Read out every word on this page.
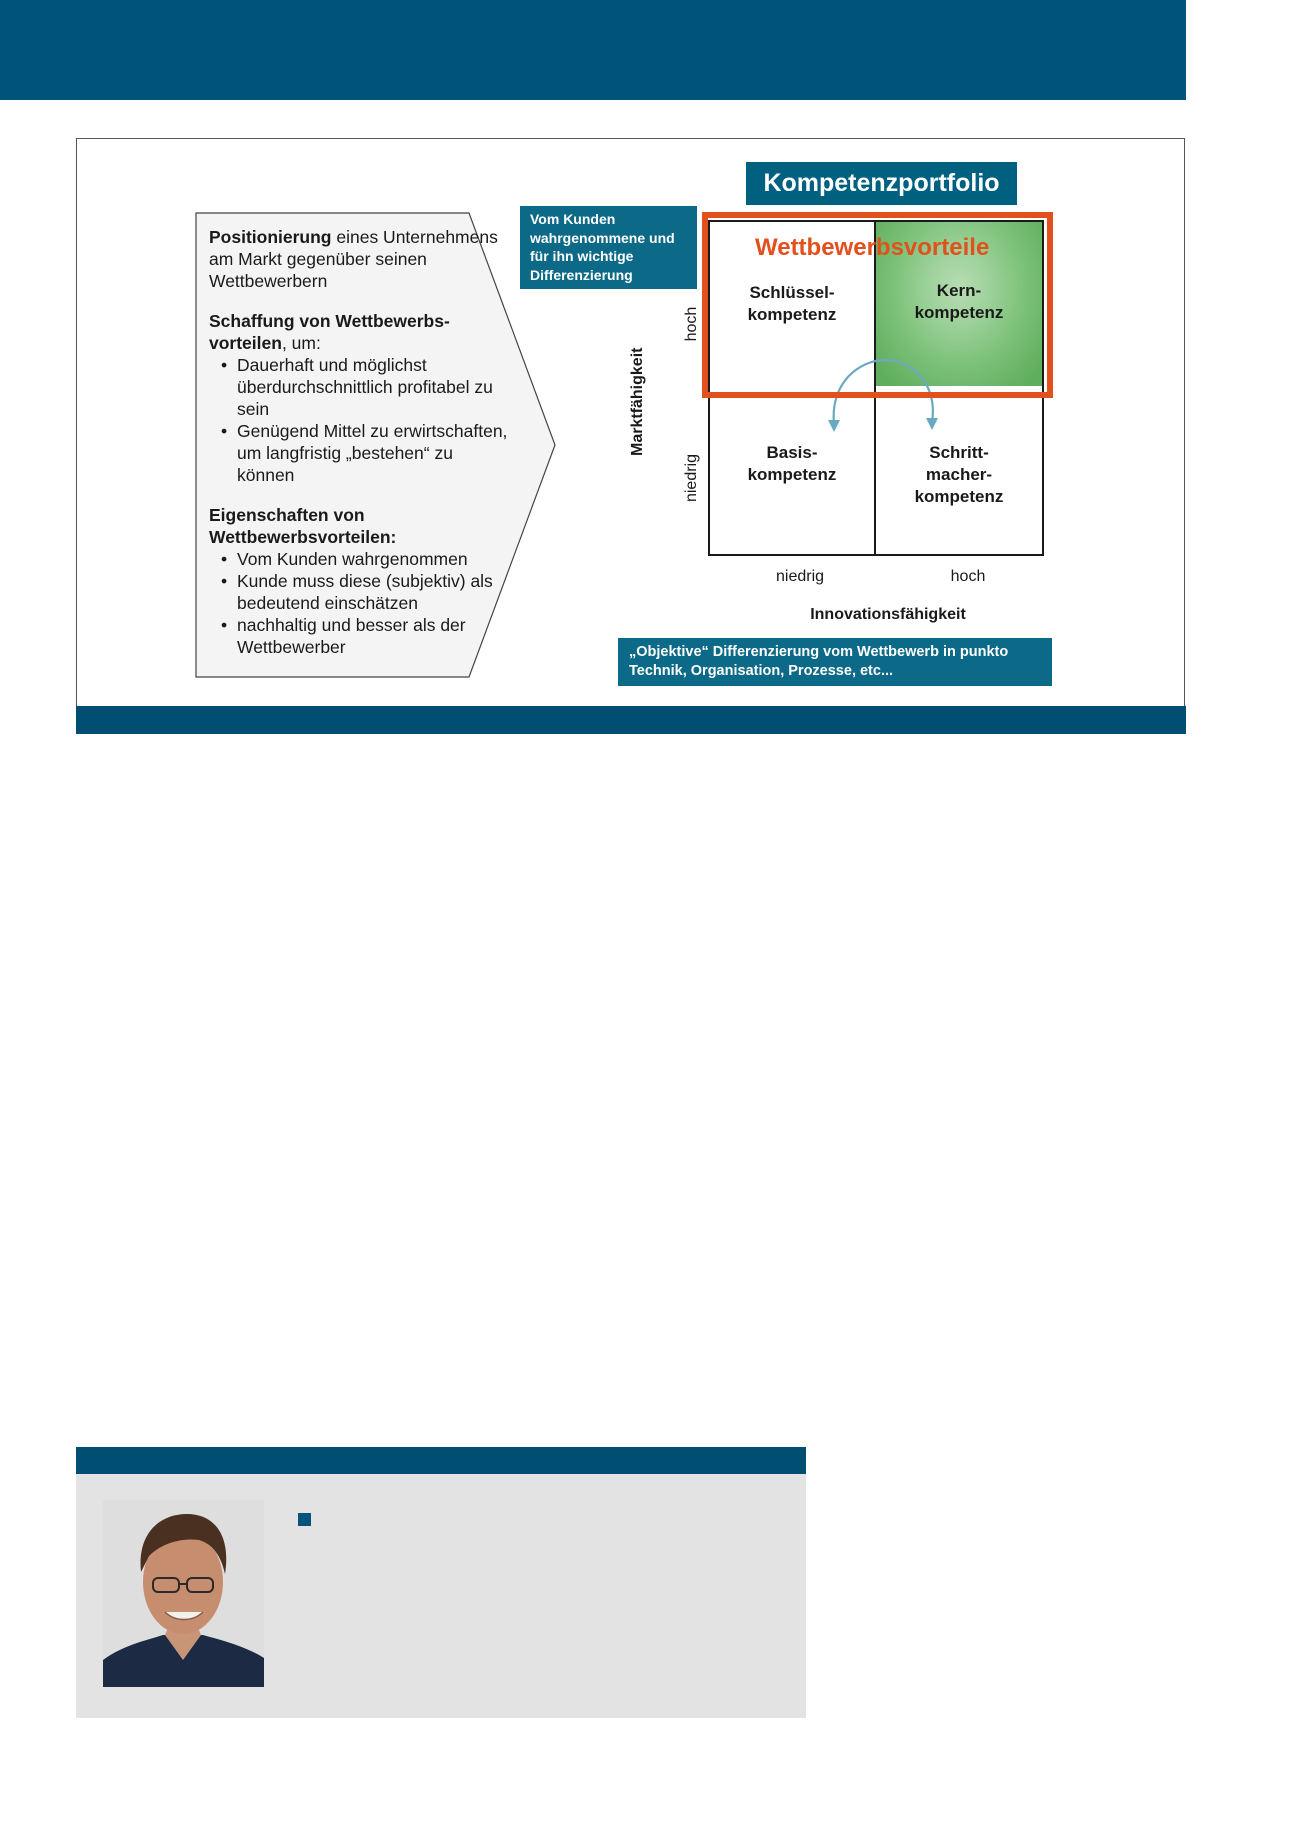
Positionierung eines Unternehmens am Markt gegenüber seinen Wettbewerbern

Schaffung von Wettbewerbs-vorteilen, um:
• Dauerhaft und möglichst überdurchschnittlich profitabel zu sein
• Genügend Mittel zu erwirtschaften, um langfristig „bestehen“ zu können
Eigenschaften von Wettbewerbsvorteilen:
• Vom Kunden wahrgenommen
• Kunde muss diese (subjektiv) als bedeutend einschätzen
• nachhaltig und besser als der Wettbewerber
Kompetenzportfolio
Vom Kunden wahrgenommene und für ihn wichtige Differenzierung
Schlüssel-
kompetenz
Kern-
kompetenz
Basis-
kompetenz
Schritt-
macher-
kompetenz
Wettbewerbsvorteile
Marktfähigkeit
hoch
niedrig
niedrig	hoch
Innovationsfähigkeit
„Objektive“ Differenzierung vom Wettbewerb in punkto Technik, Organisation, Prozesse, etc...
